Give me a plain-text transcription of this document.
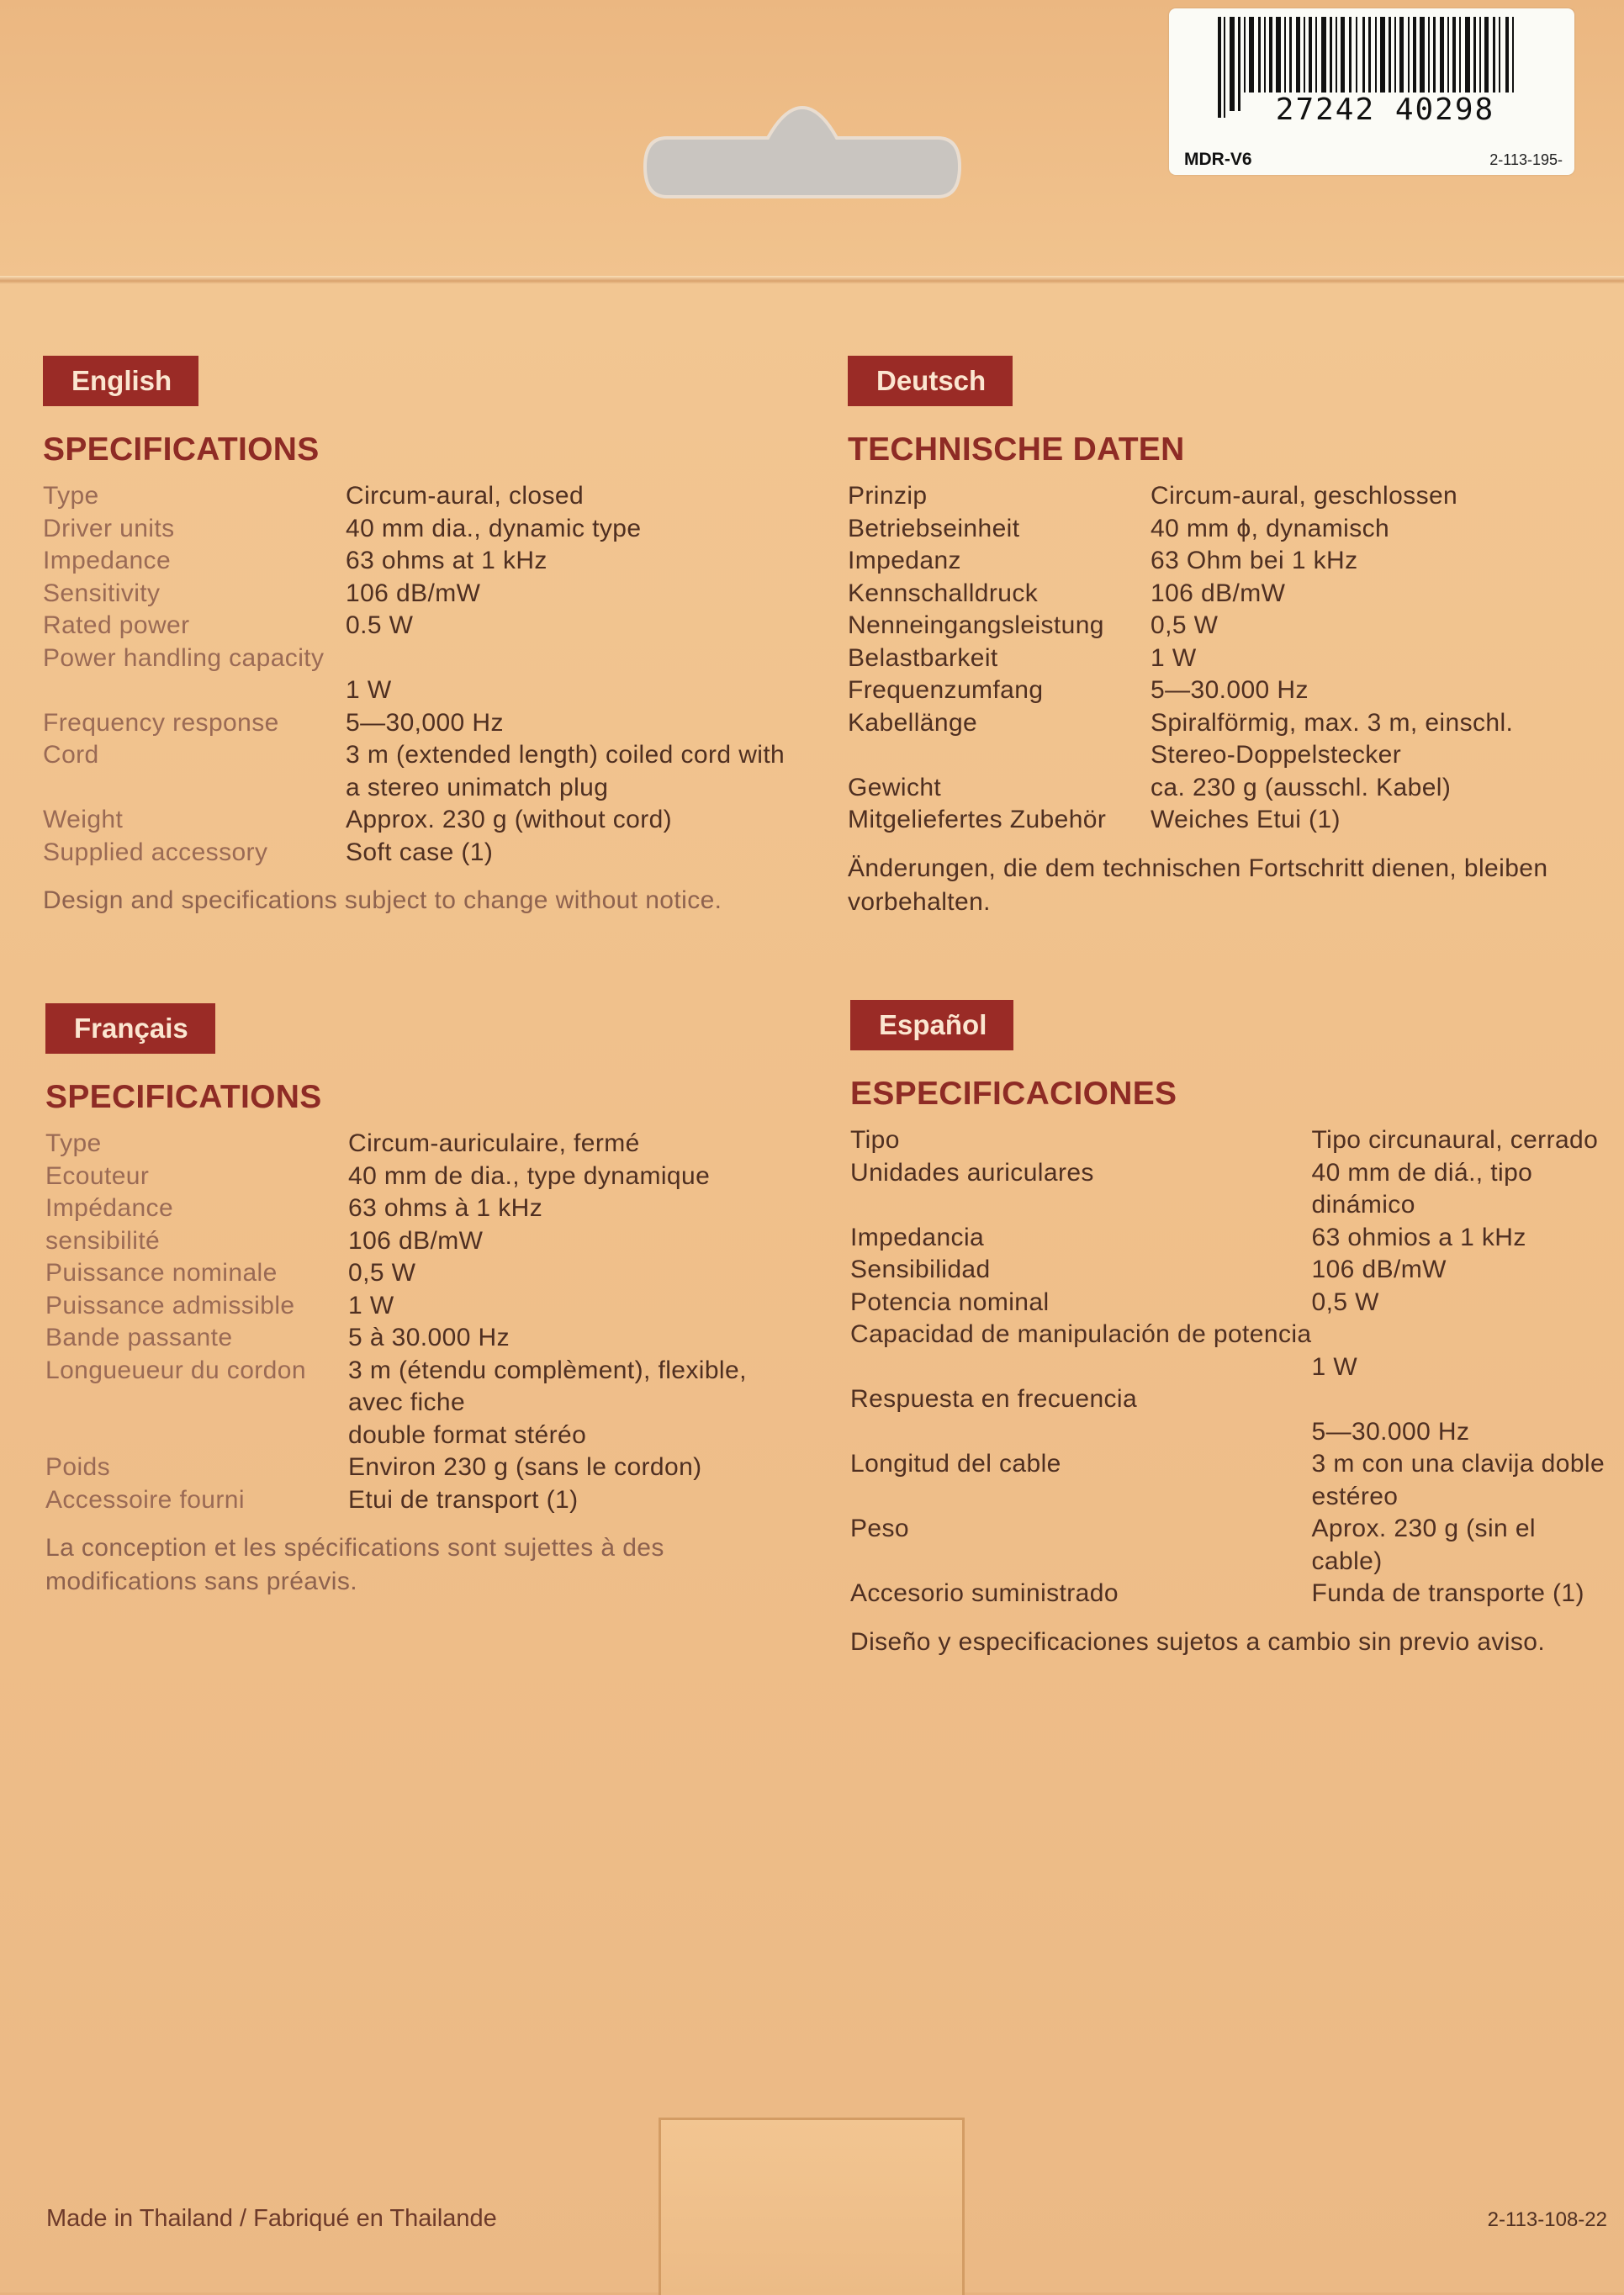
27242 40298
MDR-V6	2-113-195-
English
SPECIFICATIONS
Type	Circum-aural, closed
Driver units	40 mm dia., dynamic type
Impedance	63 ohms at 1 kHz
Sensitivity	106 dB/mW
Rated power	0.5 W
Power handling capacity	
	1 W
Frequency response	5—30,000 Hz
Cord	3 m (extended length) coiled cord with a stereo unimatch plug
Weight	Approx. 230 g (without cord)
Supplied accessory	Soft case (1)
Design and specifications subject to change without notice.
Deutsch
TECHNISCHE DATEN
Prinzip	Circum-aural, geschlossen
Betriebseinheit	40 mm ϕ, dynamisch
Impedanz	63 Ohm bei 1 kHz
Kennschalldruck	106 dB/mW
Nenneingangsleistung	0,5 W
Belastbarkeit	1 W
Frequenzumfang	5—30.000 Hz
Kabellänge	Spiralförmig, max. 3 m, einschl. Stereo-Doppelstecker
Gewicht	ca. 230 g (ausschl. Kabel)
Mitgeliefertes Zubehör	Weiches Etui (1)
Änderungen, die dem technischen Fortschritt dienen, bleiben vorbehalten.
Français
SPECIFICATIONS
Type	Circum-auriculaire, fermé
Ecouteur	40 mm de dia., type dynamique
Impédance	63 ohms à 1 kHz
sensibilité	106 dB/mW
Puissance nominale	0,5 W
Puissance admissible	1 W
Bande passante	5 à 30.000 Hz
Longueueur du cordon	3 m (étendu complèment), flexible, avec fiche
	double format stéréo
Poids	Environ 230 g (sans le cordon)
Accessoire fourni	Etui de transport (1)
La conception et les spécifications sont sujettes à des modifications sans préavis.
Español
ESPECIFICACIONES
Tipo	Tipo circunaural, cerrado
Unidades auriculares	40 mm de diá., tipo dinámico
Impedancia	63 ohmios a 1 kHz
Sensibilidad	106 dB/mW
Potencia nominal	0,5 W
Capacidad de manipulación de potencia	
	1 W
Respuesta en frecuencia	
	5—30.000 Hz
Longitud del cable	3 m con una clavija doble estéreo
Peso	Aprox. 230 g (sin el cable)
Accesorio suministrado	Funda de transporte (1)
Diseño y especificaciones sujetos a cambio sin previo aviso.
Made in Thailand / Fabriqué en Thailande	2-113-108-22
